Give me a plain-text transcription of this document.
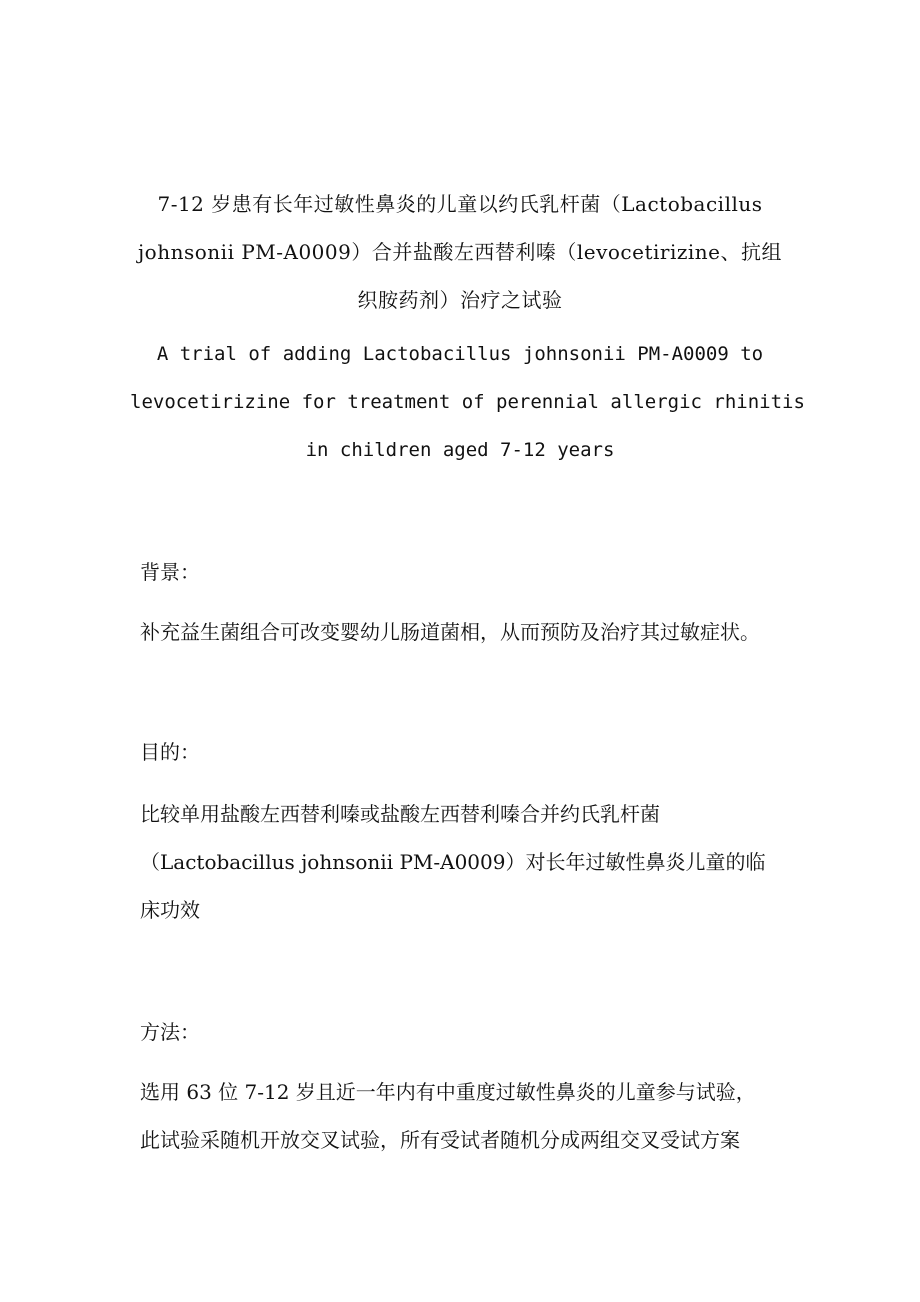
7-12 岁患有长年过敏性鼻炎的儿童以约氏乳杆菌（Lactobacillus
johnsonii PM-A0009）合并盐酸左西替利嗪（levocetirizine、抗组
织胺药剂）治疗之试验
A trial of adding Lactobacillus johnsonii PM-A0009 to
levocetirizine for treatment of perennial allergic rhinitis
in children aged 7-12 years
背景：
补充益生菌组合可改变婴幼儿肠道菌相，从而预防及治疗其过敏症状。
目的：
比较单用盐酸左西替利嗪或盐酸左西替利嗪合并约氏乳杆菌
（Lactobacillus johnsonii PM-A0009）对长年过敏性鼻炎儿童的临
床功效
方法：
选用 63 位 7-12 岁且近一年内有中重度过敏性鼻炎的儿童参与试验，
此试验采随机开放交叉试验，所有受试者随机分成两组交叉受试方案
